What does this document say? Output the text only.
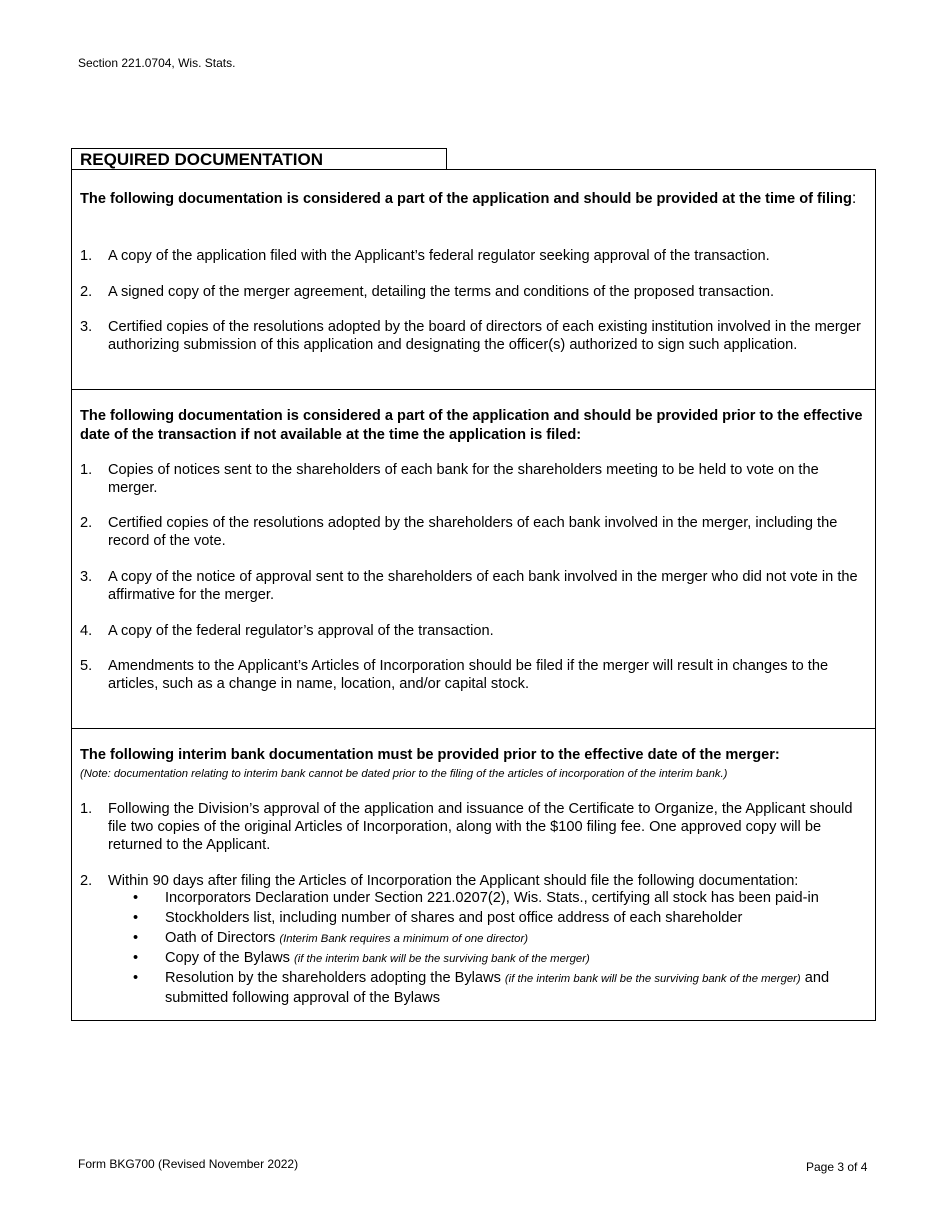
Section 221.0704, Wis. Stats.
REQUIRED DOCUMENTATION
The following documentation is considered a part of the application and should be provided at the time of filing:
1. A copy of the application filed with the Applicant’s federal regulator seeking approval of the transaction.
2. A signed copy of the merger agreement, detailing the terms and conditions of the proposed transaction.
3. Certified copies of the resolutions adopted by the board of directors of each existing institution involved in the merger authorizing submission of this application and designating the officer(s) authorized to sign such application.
The following documentation is considered a part of the application and should be provided prior to the effective date of the transaction if not available at the time the application is filed:
1. Copies of notices sent to the shareholders of each bank for the shareholders meeting to be held to vote on the merger.
2. Certified copies of the resolutions adopted by the shareholders of each bank involved in the merger, including the record of the vote.
3. A copy of the notice of approval sent to the shareholders of each bank involved in the merger who did not vote in the affirmative for the merger.
4. A copy of the federal regulator’s approval of the transaction.
5. Amendments to the Applicant’s Articles of Incorporation should be filed if the merger will result in changes to the articles, such as a change in name, location, and/or capital stock.
The following interim bank documentation must be provided prior to the effective date of the merger:
(Note: documentation relating to interim bank cannot be dated prior to the filing of the articles of incorporation of the interim bank.)
1. Following the Division’s approval of the application and issuance of the Certificate to Organize, the Applicant should file two copies of the original Articles of Incorporation, along with the $100 filing fee. One approved copy will be returned to the Applicant.
2. Within 90 days after filing the Articles of Incorporation the Applicant should file the following documentation:
• Incorporators Declaration under Section 221.0207(2), Wis. Stats., certifying all stock has been paid-in
• Stockholders list, including number of shares and post office address of each shareholder
• Oath of Directors (Interim Bank requires a minimum of one director)
• Copy of the Bylaws (if the interim bank will be the surviving bank of the merger)
• Resolution by the shareholders adopting the Bylaws (if the interim bank will be the surviving bank of the merger) and submitted following approval of the Bylaws
Form BKG700 (Revised November 2022)	Page 3 of 4
